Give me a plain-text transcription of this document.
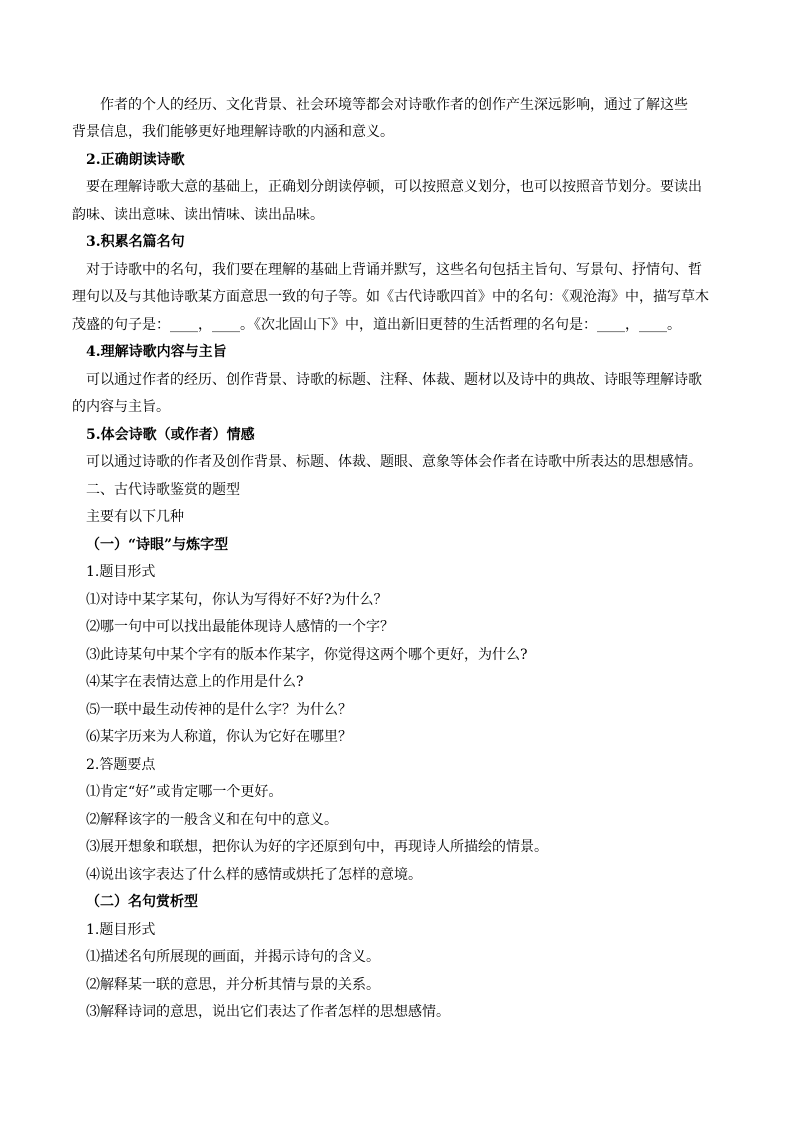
作者的个人的经历、文化背景、社会环境等都会对诗歌作者的创作产生深远影响，通过了解这些
背景信息，我们能够更好地理解诗歌的内涵和意义。
2.正确朗读诗歌
要在理解诗歌大意的基础上，正确划分朗读停顿，可以按照意义划分，也可以按照音节划分。要读出
韵味、读出意味、读出情味、读出品味。
3.积累名篇名句
对于诗歌中的名句，我们要在理解的基础上背诵并默写，这些名句包括主旨句、写景句、抒情句、哲
理句以及与其他诗歌某方面意思一致的句子等。如《古代诗歌四首》中的名句：《观沧海》中，描写草木
茂盛的句子是：____，____。《次北固山下》中，道出新旧更替的生活哲理的名句是：____，____。
4.理解诗歌内容与主旨
可以通过作者的经历、创作背景、诗歌的标题、注释、体裁、题材以及诗中的典故、诗眼等理解诗歌
的内容与主旨。
5.体会诗歌（或作者）情感
可以通过诗歌的作者及创作背景、标题、体裁、题眼、意象等体会作者在诗歌中所表达的思想感情。
二、古代诗歌鉴赏的题型
主要有以下几种
（一）“诗眼”与炼字型
1.题目形式
⑴对诗中某字某句，你认为写得好不好?为什么？
⑵哪一句中可以找出最能体现诗人感情的一个字？
⑶此诗某句中某个字有的版本作某字，你觉得这两个哪个更好，为什么?
⑷某字在表情达意上的作用是什么?
⑸一联中最生动传神的是什么字？为什么？
⑹某字历来为人称道，你认为它好在哪里？
2.答题要点
⑴肯定“好”或肯定哪一个更好。
⑵解释该字的一般含义和在句中的意义。
⑶展开想象和联想，把你认为好的字还原到句中，再现诗人所描绘的情景。
⑷说出该字表达了什么样的感情或烘托了怎样的意境。
（二）名句赏析型
1.题目形式
⑴描述名句所展现的画面，并揭示诗句的含义。
⑵解释某一联的意思，并分析其情与景的关系。
⑶解释诗词的意思，说出它们表达了作者怎样的思想感情。
